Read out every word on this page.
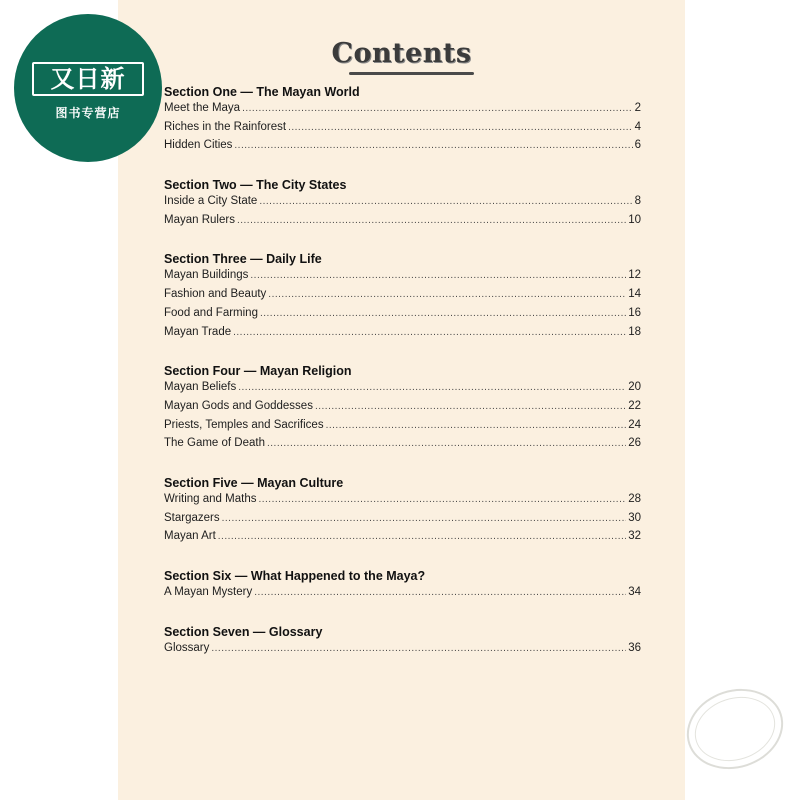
Contents
Section One — The Mayan World
Meet the Maya .....	2
Riches in the Rainforest .....	4
Hidden Cities .....	6
Section Two — The City States
Inside a City State .....	8
Mayan Rulers .....	10
Section Three — Daily Life
Mayan Buildings .....	12
Fashion and Beauty .....	14
Food and Farming .....	16
Mayan Trade .....	18
Section Four — Mayan Religion
Mayan Beliefs .....	20
Mayan Gods and Goddesses .....	22
Priests, Temples and Sacrifices .....	24
The Game of Death .....	26
Section Five — Mayan Culture
Writing and Maths .....	28
Stargazers .....	30
Mayan Art .....	32
Section Six — What Happened to the Maya?
A Mayan Mystery .....	34
Section Seven — Glossary
Glossary .....	36
又日新
图书专营店
